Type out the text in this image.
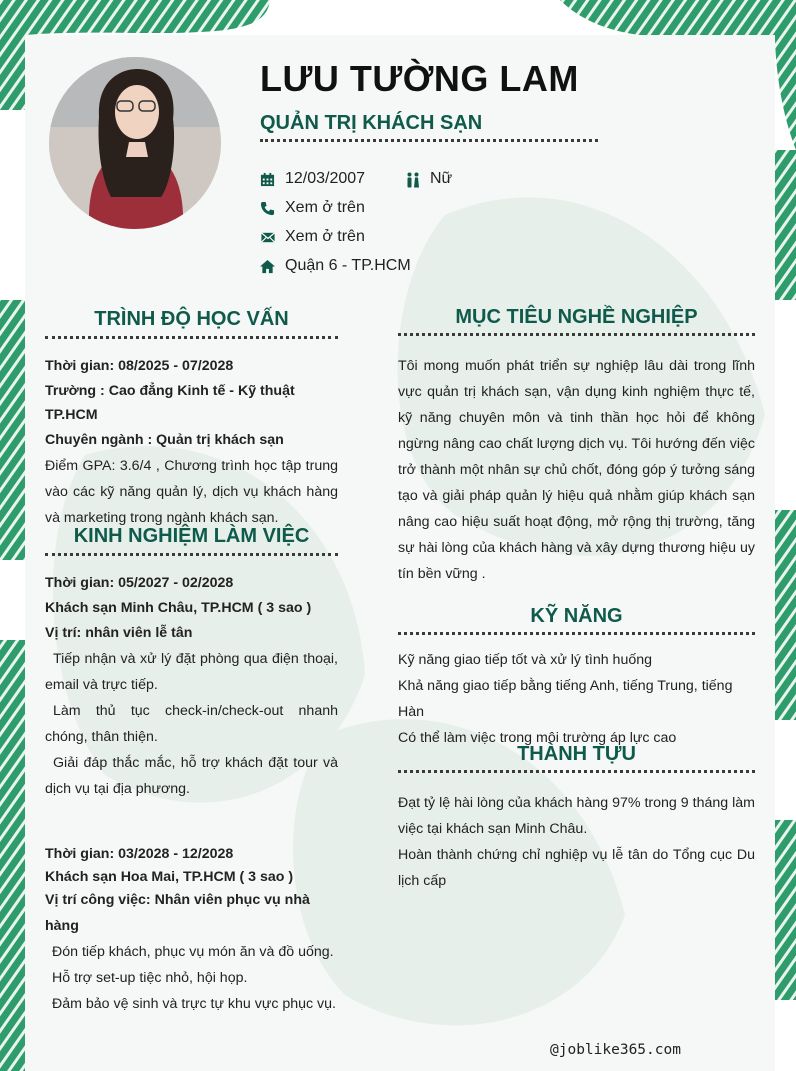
LƯU TƯỜNG LAM
QUẢN TRỊ KHÁCH SẠN
12/03/2007	Nữ
Xem ở trên
Xem ở trên
Quận 6 - TP.HCM
TRÌNH ĐỘ HỌC VẤN

Thời gian: 08/2025 - 07/2028

Trường : Cao đẳng Kinh tế - Kỹ thuật TP.HCM

Chuyên ngành : Quản trị khách sạn

Điểm GPA: 3.6/4 , Chương trình học tập trung vào các kỹ năng quản lý, dịch vụ khách hàng và marketing trong ngành khách sạn.

KINH NGHIỆM LÀM VIỆC

Thời gian: 05/2027 - 02/2028

Khách sạn Minh Châu, TP.HCM ( 3 sao )

Vị trí: nhân viên lễ tân

Tiếp nhận và xử lý đặt phòng qua điện thoại, email và trực tiếp.

Làm thủ tục check-in/check-out nhanh chóng, thân thiện.

Giải đáp thắc mắc, hỗ trợ khách đặt tour và dịch vụ tại địa phương.

Thời gian: 03/2028 - 12/2028

Khách sạn Hoa Mai, TP.HCM ( 3 sao )

Vị trí công việc: Nhân viên phục vụ nhà hàng

Đón tiếp khách, phục vụ món ăn và đồ uống.

Hỗ trợ set-up tiệc nhỏ, hội họp.

Đảm bảo vệ sinh và trực tự khu vực phục vụ.

MỤC TIÊU NGHỀ NGHIỆP
Tôi mong muốn phát triển sự nghiệp lâu dài trong lĩnh vực quản trị khách sạn, vận dụng kinh nghiệm thực tế, kỹ năng chuyên môn và tinh thần học hỏi để không ngừng nâng cao chất lượng dịch vụ. Tôi hướng đến việc trở thành một nhân sự chủ chốt, đóng góp ý tưởng sáng tạo và giải pháp quản lý hiệu quả nhằm giúp khách sạn nâng cao hiệu suất hoạt động, mở rộng thị trường, tăng sự hài lòng của khách hàng và xây dựng thương hiệu uy tín bền vững .
KỸ NĂNG

Kỹ năng giao tiếp tốt và xử lý tình huống

Khả năng giao tiếp bằng tiếng Anh, tiếng Trung, tiếng Hàn

Có thể làm việc trong môi trường áp lực cao

THÀNH TỰU

Đạt tỷ lệ hài lòng của khách hàng 97% trong 9 tháng làm việc tại khách sạn Minh Châu.

Hoàn thành chứng chỉ nghiệp vụ lễ tân do Tổng cục Du lịch cấp

@joblike365.com
